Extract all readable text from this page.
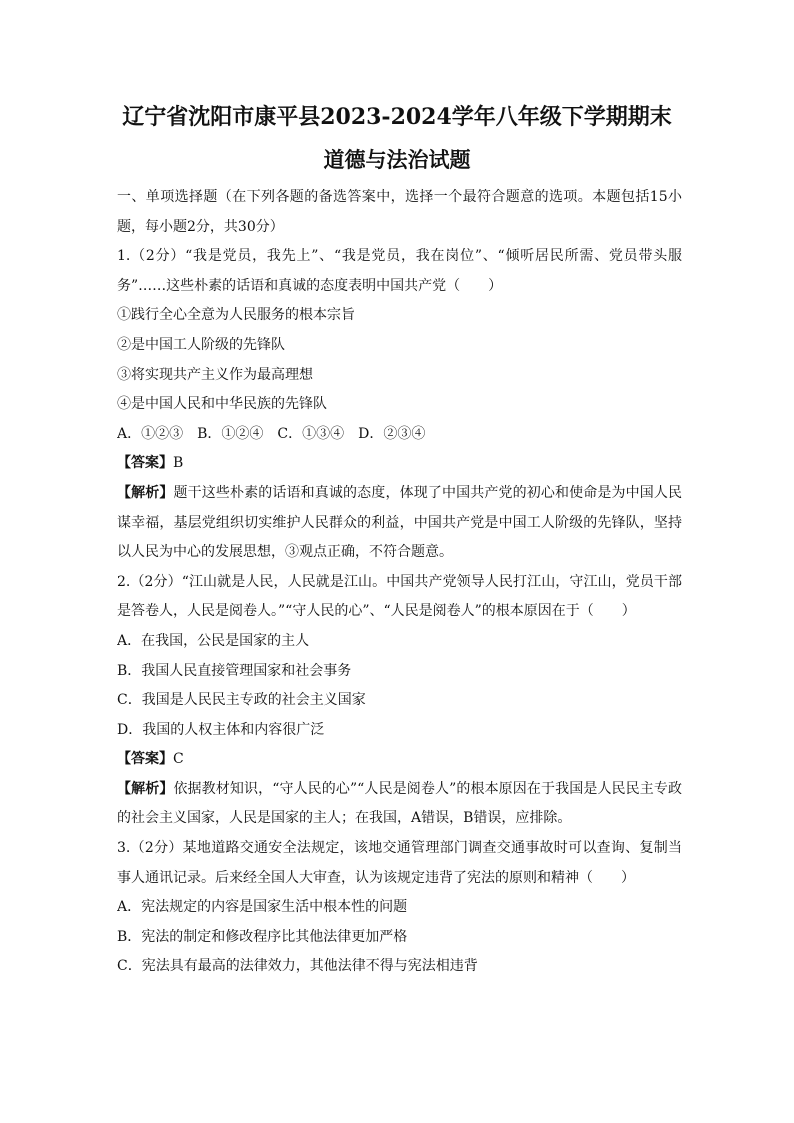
辽宁省沈阳市康平县2023-2024学年八年级下学期期末
道德与法治试题

一、单项选择题（在下列各题的备选答案中，选择一个最符合题意的选项。本题包括15小题，每小题2分，共30分）

1.（2分）“我是党员，我先上”、“我是党员，我在岗位”、“倾听居民所需、党员带头服务”……这些朴素的话语和真诚的态度表明中国共产党（　　）

①践行全心全意为人民服务的根本宗旨

②是中国工人阶级的先锋队

③将实现共产主义作为最高理想

④是中国人民和中华民族的先锋队

A．①②③　B．①②④　C．①③④　D．②③④

【答案】B

【解析】题干这些朴素的话语和真诚的态度，体现了中国共产党的初心和使命是为中国人民谋幸福，基层党组织切实维护人民群众的利益，中国共产党是中国工人阶级的先锋队，坚持以人民为中心的发展思想，③观点正确，不符合题意。

2.（2分）“江山就是人民，人民就是江山。中国共产党领导人民打江山，守江山，党员干部是答卷人，人民是阅卷人。”“守人民的心”、“人民是阅卷人”的根本原因在于（　　）

A．在我国，公民是国家的主人

B．我国人民直接管理国家和社会事务

C．我国是人民民主专政的社会主义国家

D．我国的人权主体和内容很广泛

【答案】C

【解析】依据教材知识，“守人民的心”“人民是阅卷人”的根本原因在于我国是人民民主专政的社会主义国家，人民是国家的主人；在我国，A错误，B错误，应排除。

3.（2分）某地道路交通安全法规定，该地交通管理部门调查交通事故时可以查询、复制当事人通讯记录。后来经全国人大审查，认为该规定违背了宪法的原则和精神（　　）

A．宪法规定的内容是国家生活中根本性的问题

B．宪法的制定和修改程序比其他法律更加严格

C．宪法具有最高的法律效力，其他法律不得与宪法相违背
